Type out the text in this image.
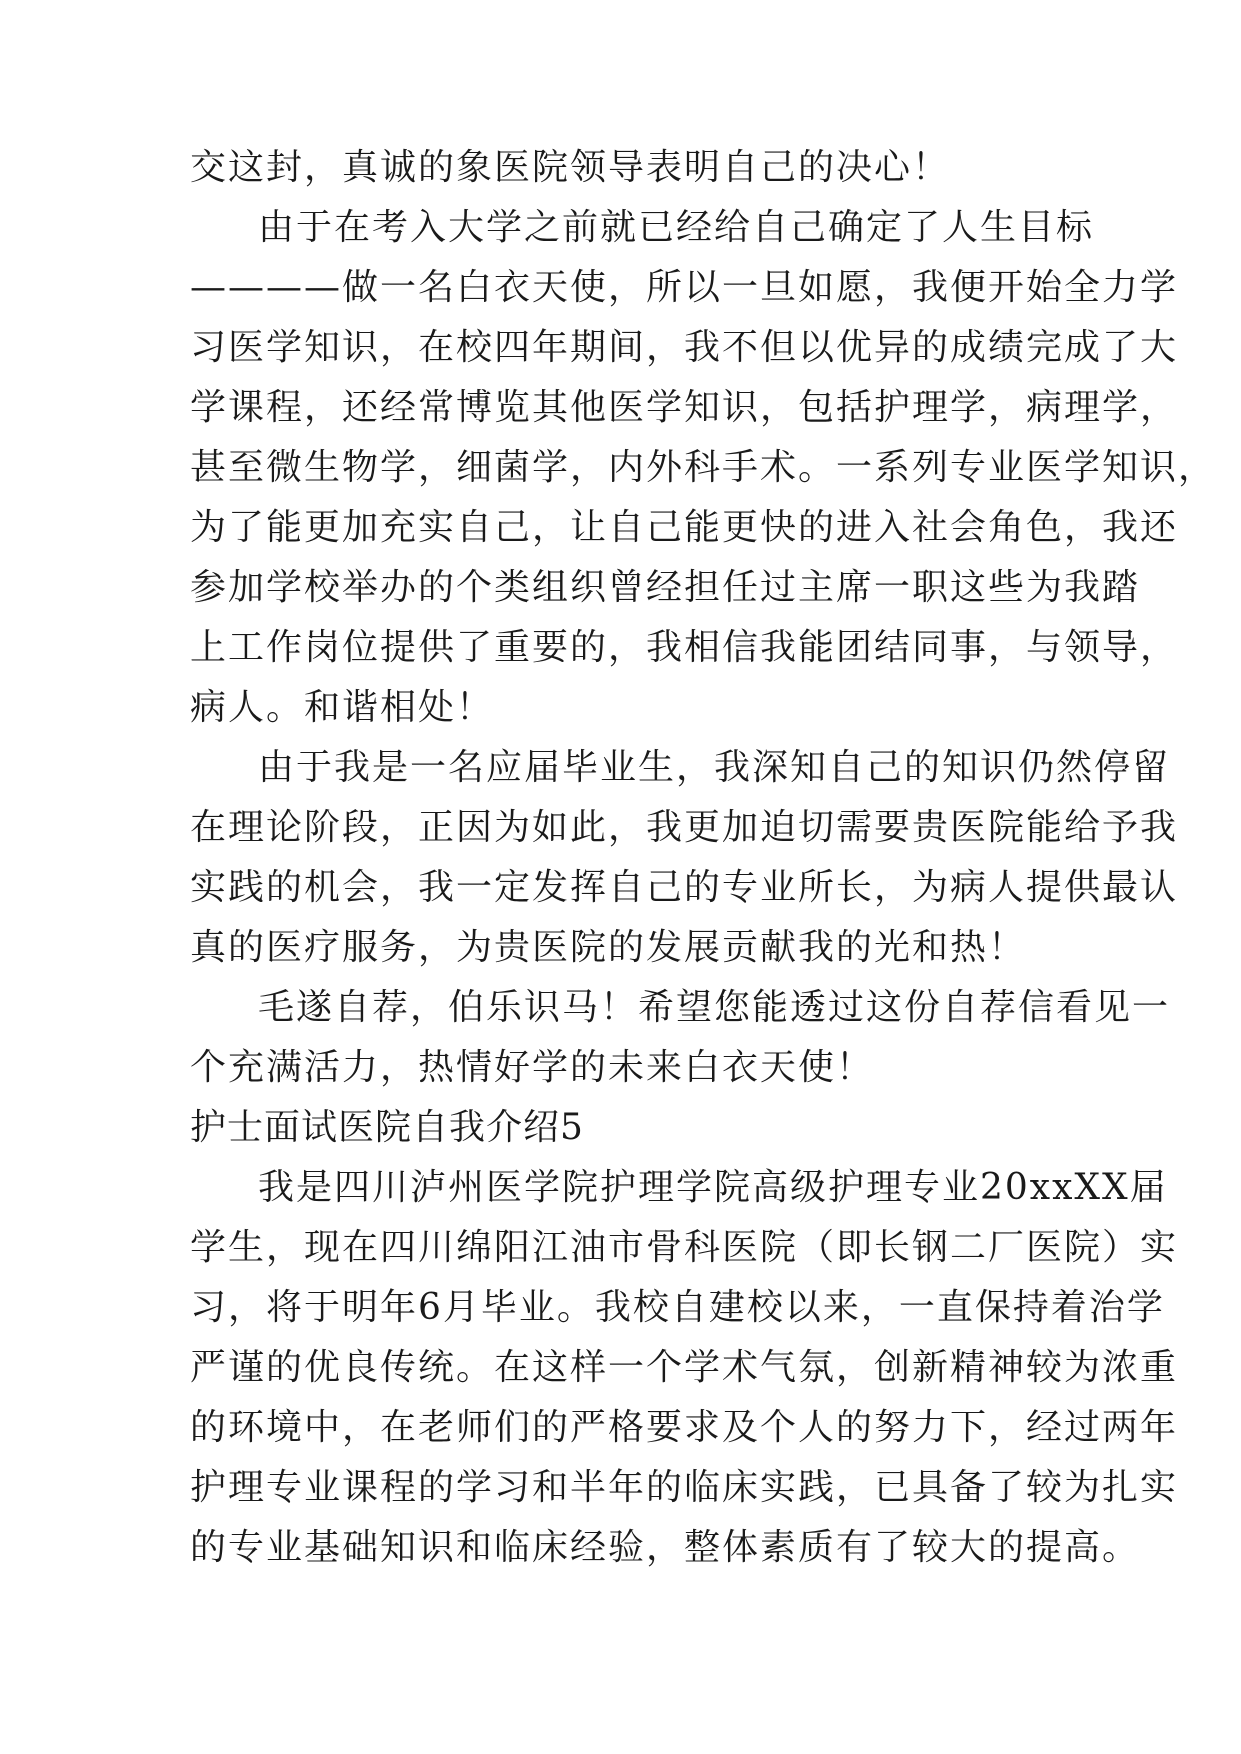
交这封，真诚的象医院领导表明自己的决心！
由于在考入大学之前就已经给自己确定了人生目标
————做一名白衣天使，所以一旦如愿，我便开始全力学
习医学知识，在校四年期间，我不但以优异的成绩完成了大
学课程，还经常博览其他医学知识，包括护理学，病理学，
甚至微生物学，细菌学，内外科手术。一系列专业医学知识，
为了能更加充实自己，让自己能更快的进入社会角色，我还
参加学校举办的个类组织曾经担任过主席一职这些为我踏
上工作岗位提供了重要的，我相信我能团结同事，与领导，
病人。和谐相处！
由于我是一名应届毕业生，我深知自己的知识仍然停留
在理论阶段，正因为如此，我更加迫切需要贵医院能给予我
实践的机会，我一定发挥自己的专业所长，为病人提供最认
真的医疗服务，为贵医院的发展贡献我的光和热！
毛遂自荐，伯乐识马！希望您能透过这份自荐信看见一
个充满活力，热情好学的未来白衣天使！
护士面试医院自我介绍5
我是四川泸州医学院护理学院高级护理专业20xxXX届
学生，现在四川绵阳江油市骨科医院（即长钢二厂医院）实
习，将于明年6月毕业。我校自建校以来，一直保持着治学
严谨的优良传统。在这样一个学术气氛，创新精神较为浓重
的环境中，在老师们的严格要求及个人的努力下，经过两年
护理专业课程的学习和半年的临床实践，已具备了较为扎实
的专业基础知识和临床经验，整体素质有了较大的提高。
